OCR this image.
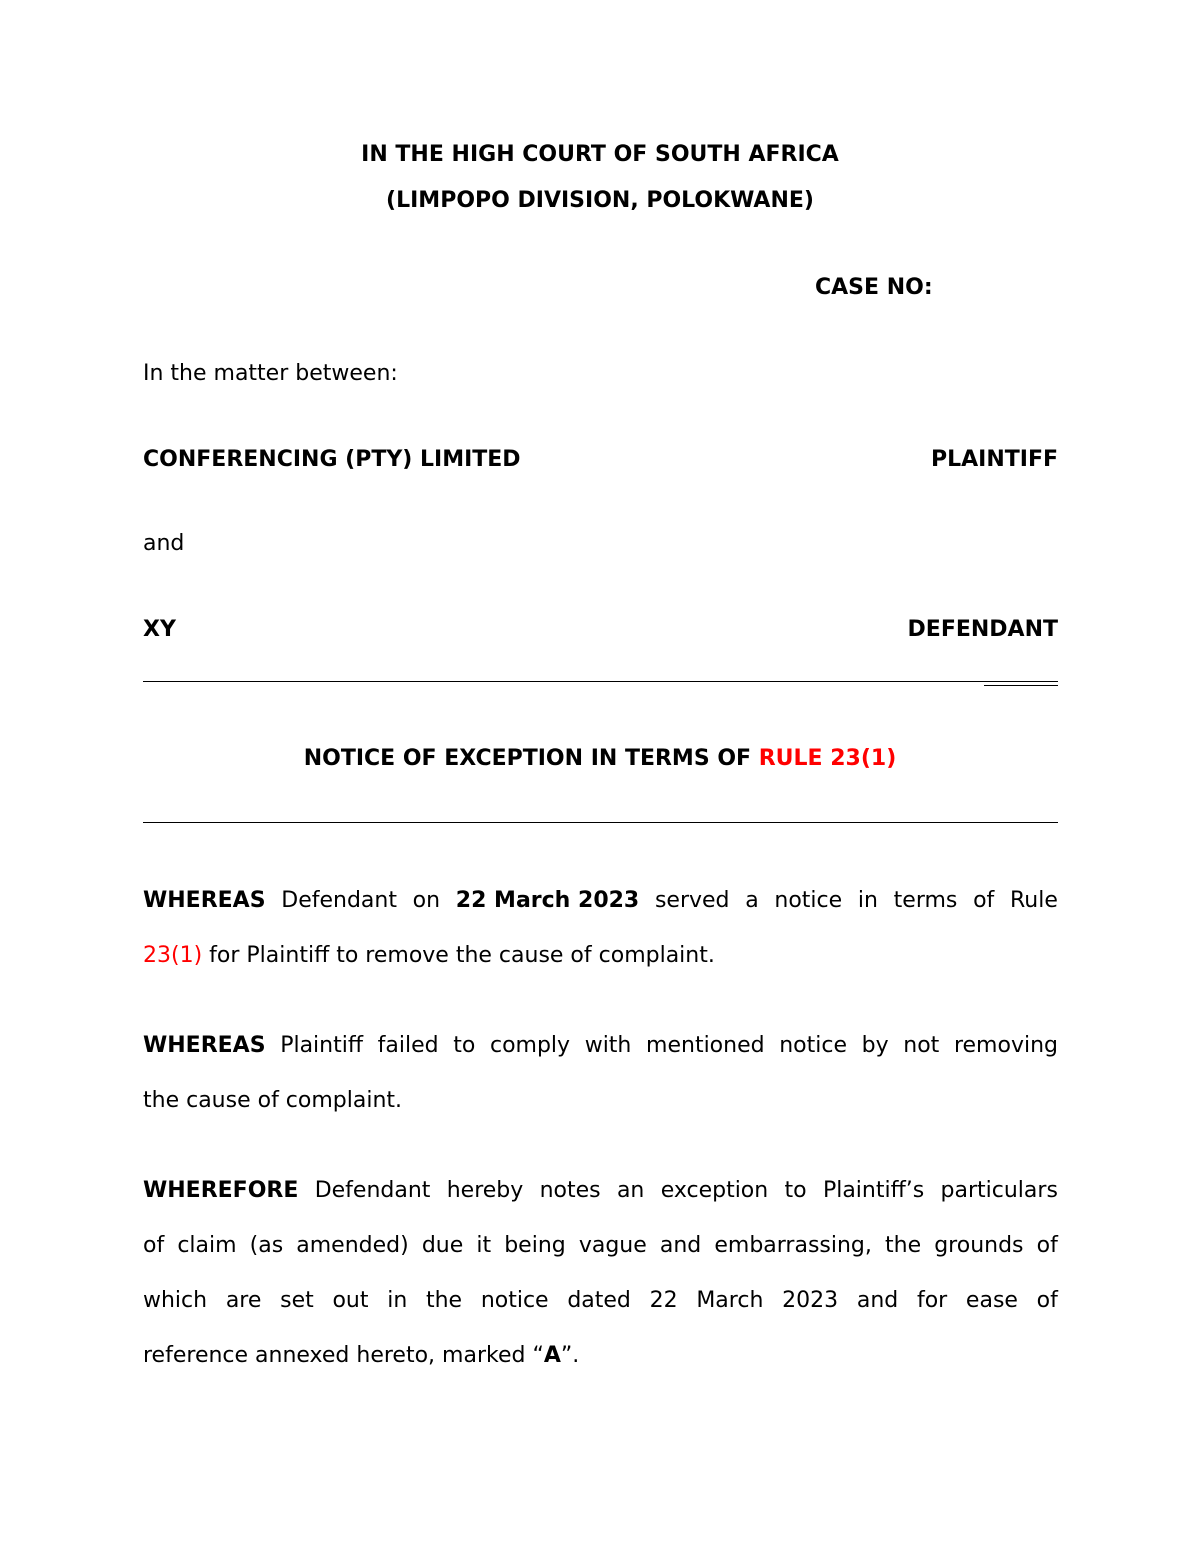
IN THE HIGH COURT OF SOUTH AFRICA
(LIMPOPO DIVISION, POLOKWANE)
CASE NO:
In the matter between:
CONFERENCING (PTY) LIMITED	PLAINTIFF
and
XY	DEFENDANT
NOTICE OF EXCEPTION IN TERMS OF RULE 23(1)
WHEREAS Defendant on 22 March 2023 served a notice in terms of Rule
23(1) for Plaintiff to remove the cause of complaint.
WHEREAS Plaintiff failed to comply with mentioned notice by not removing
the cause of complaint.
WHEREFORE Defendant hereby notes an exception to Plaintiff’s particulars
of claim (as amended) due it being vague and embarrassing, the grounds of
which are set out in the notice dated 22 March 2023 and for ease of
reference annexed hereto, marked “A”.
